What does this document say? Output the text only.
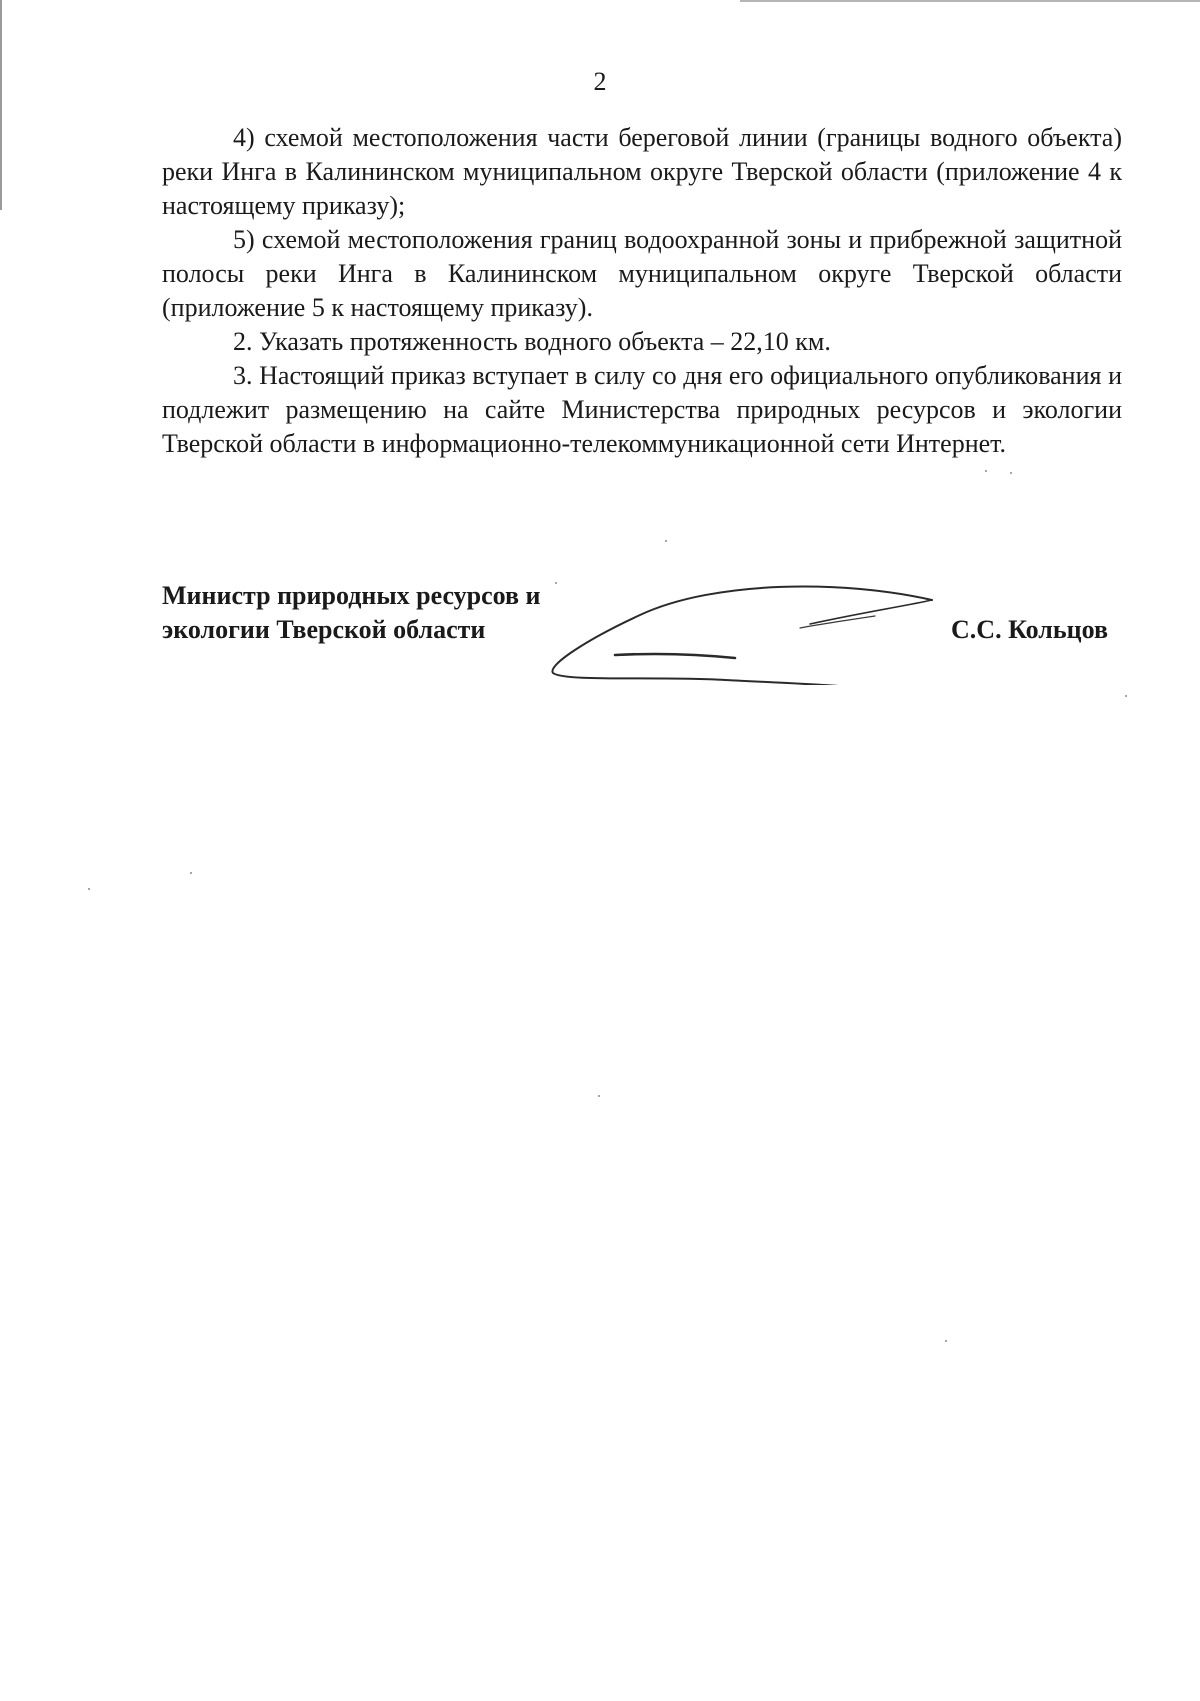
2

4) схемой местоположения части береговой линии (границы водного объекта) реки Инга в Калининском муниципальном округе Тверской области (приложение 4 к настоящему приказу);

5) схемой местоположения границ водоохранной зоны и прибрежной защитной полосы реки Инга в Калининском муниципальном округе Тверской области (приложение 5 к настоящему приказу).

2. Указать протяженность водного объекта – 22,10 км.

3. Настоящий приказ вступает в силу со дня его официального опубликования и подлежит размещению на сайте Министерства природных ресурсов и экологии Тверской области в информационно-телекоммуникационной сети Интернет.

Министр природных ресурсов и
экологии Тверской области	С.С. Кольцов
